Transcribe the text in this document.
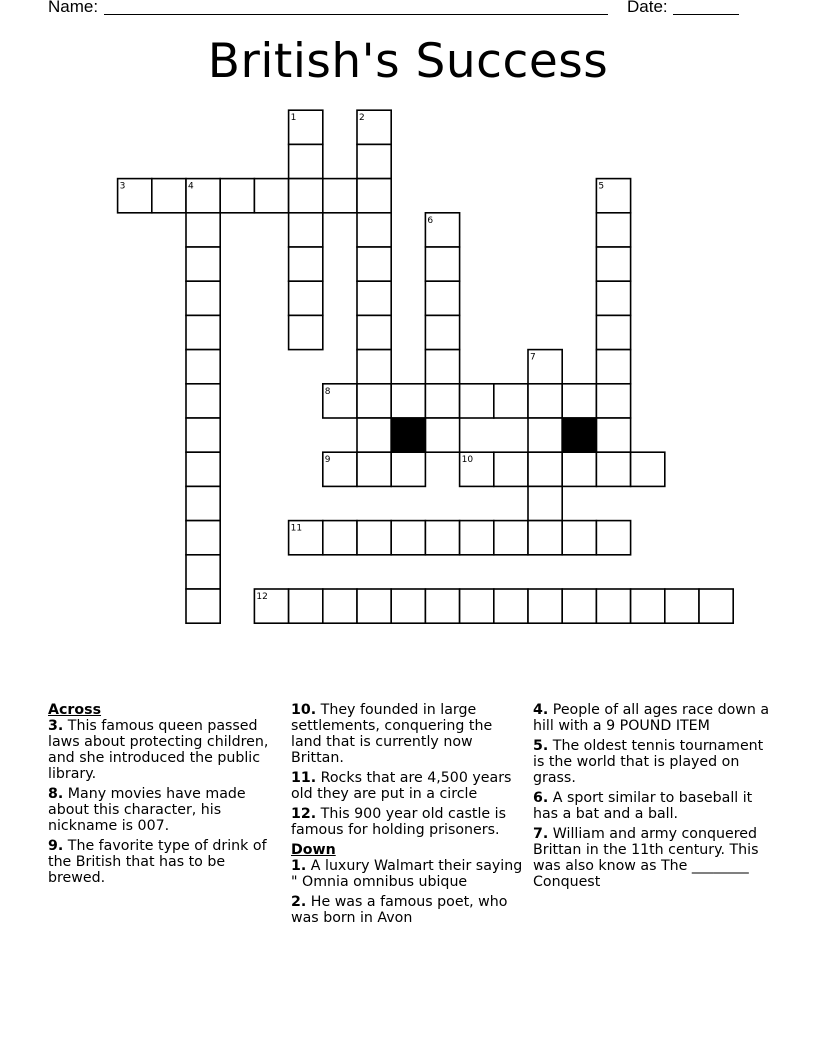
Name:	Date:
British's Success
1	2
3	4	5
6
7
8
9	10
11
12
Across
3. This famous queen passed laws about protecting children, and she introduced the public library.
8. Many movies have made about this character, his nickname is 007.
9. The favorite type of drink of the British that has to be brewed.
10. They founded in large settlements, conquering the land that is currently now Brittan.
11. Rocks that are 4,500 years old they are put in a circle
12. This 900 year old castle is famous for holding prisoners.
Down
1. A luxury Walmart their saying " Omnia omnibus ubique
2. He was a famous poet, who was born in Avon
4. People of all ages race down a hill with a 9 POUND ITEM
5. The oldest tennis tournament is the world that is played on grass.
6. A sport similar to baseball it has a bat and a ball.
7. William and army conquered Brittan in the 11th century. This was also know as The ________ Conquest
